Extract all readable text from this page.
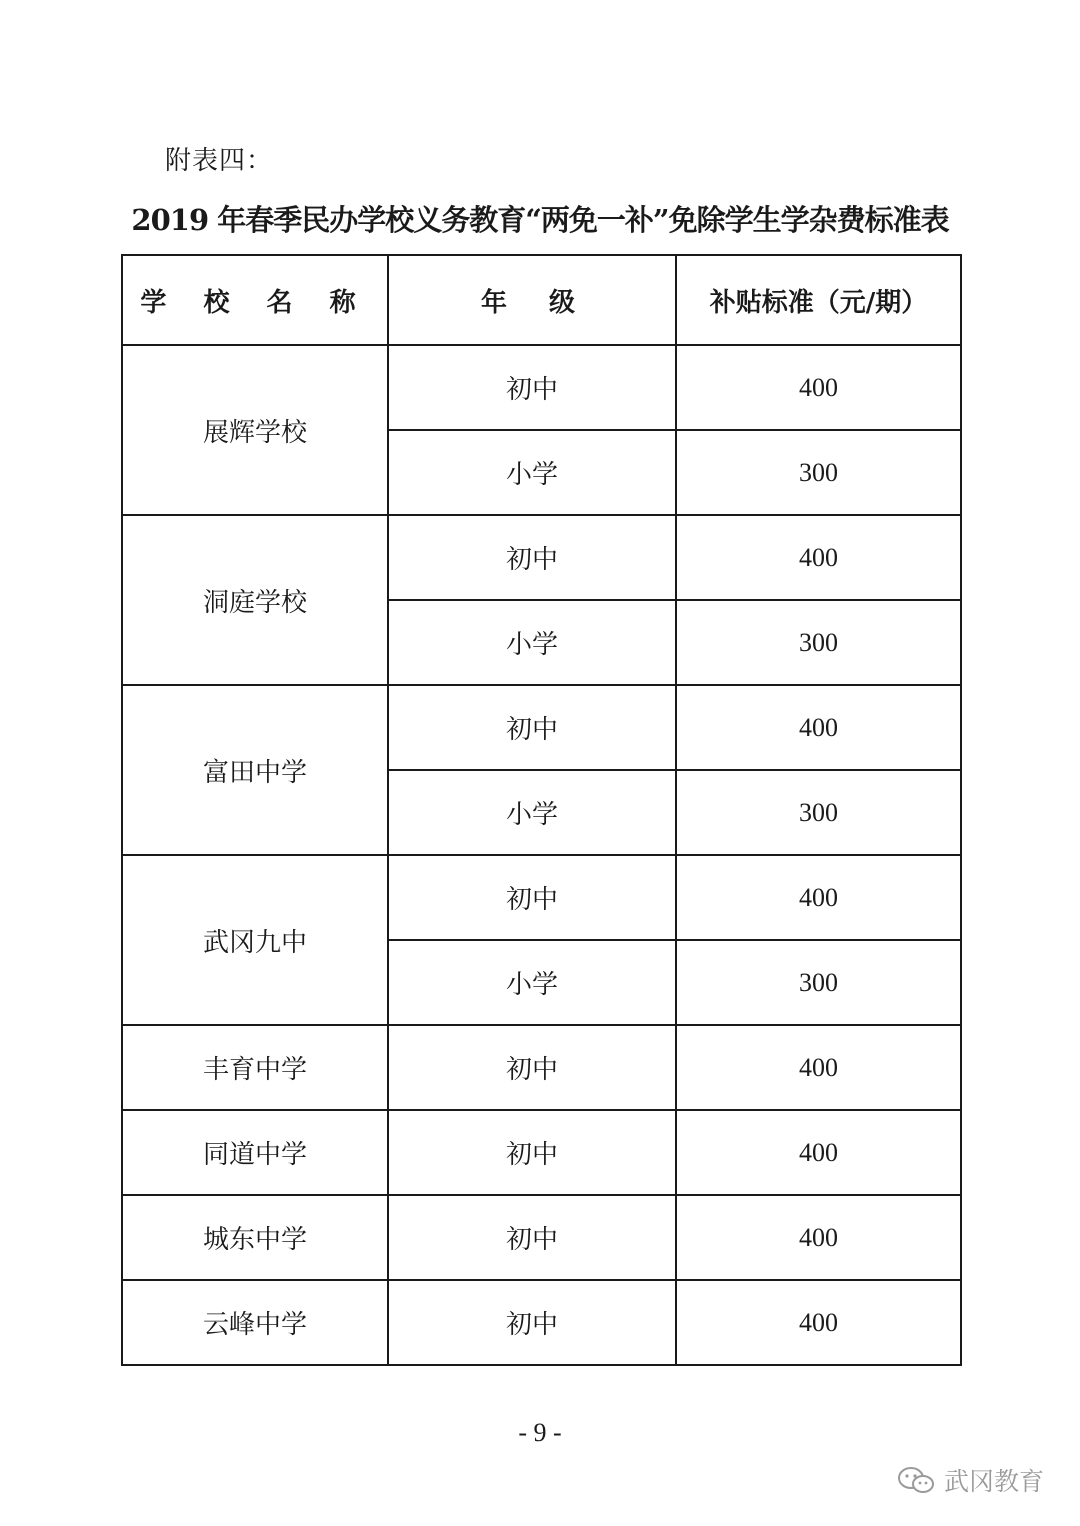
附表四：
2019 年春季民办学校义务教育“两免一补”免除学生学杂费标准表
学 校 名 称	年  级	补贴标准（元/期）
展辉学校	初中	400
	小学	300
洞庭学校	初中	400
	小学	300
富田中学	初中	400
	小学	300
武冈九中	初中	400
	小学	300
丰育中学	初中	400
同道中学	初中	400
城东中学	初中	400
云峰中学	初中	400
- 9 -
武冈教育
